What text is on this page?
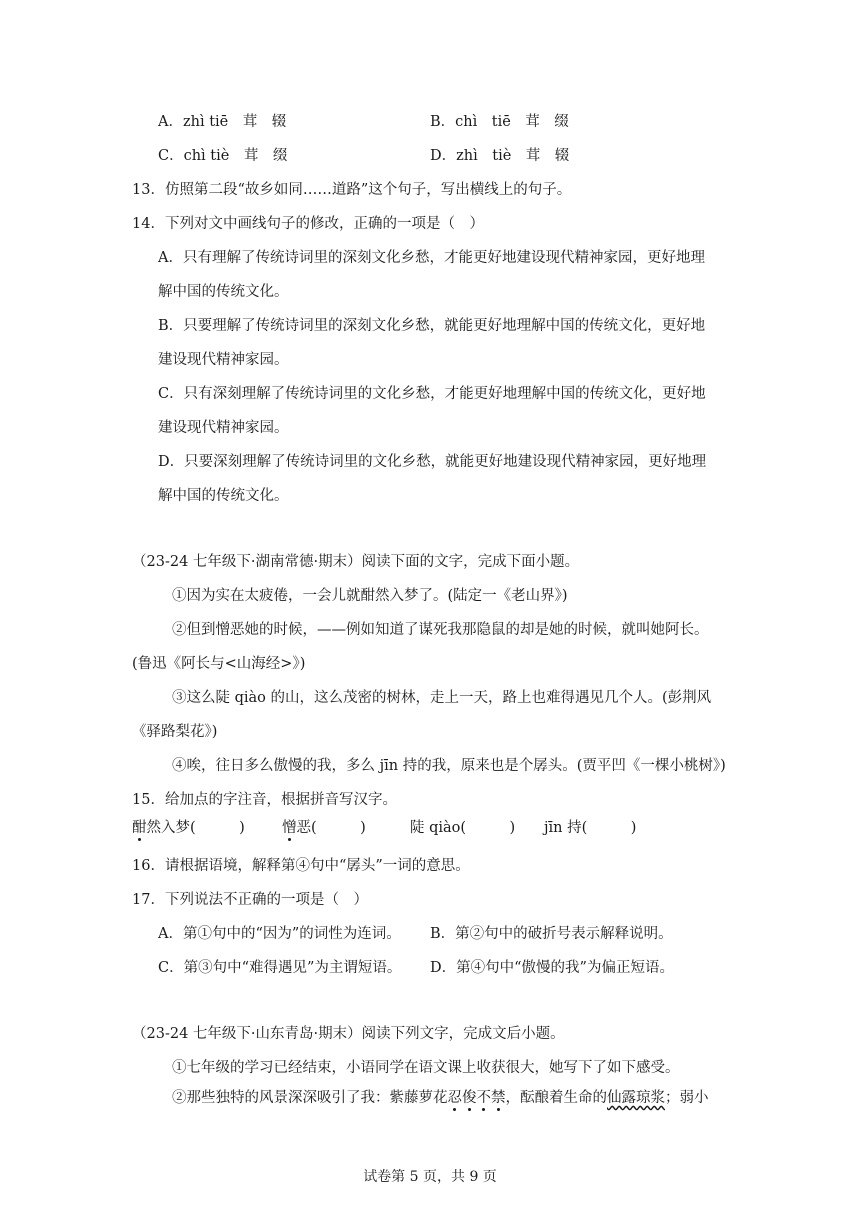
A．zhì tiē　茸　辍	B．chì　tiē　茸　缀
C．chì tiè　茸　缀	D．zhì　tiè　茸　辍
13．仿照第二段“故乡如同……道路”这个句子，写出横线上的句子。
14．下列对文中画线句子的修改，正确的一项是（　）
A．只有理解了传统诗词里的深刻文化乡愁，才能更好地建设现代精神家园，更好地理
解中国的传统文化。
B．只要理解了传统诗词里的深刻文化乡愁，就能更好地理解中国的传统文化，更好地
建设现代精神家园。
C．只有深刻理解了传统诗词里的文化乡愁，才能更好地理解中国的传统文化，更好地
建设现代精神家园。
D．只要深刻理解了传统诗词里的文化乡愁，就能更好地建设现代精神家园，更好地理
解中国的传统文化。
（23-24 七年级下·湖南常德·期末）阅读下面的文字，完成下面小题。
①因为实在太疲倦，一会儿就酣然入梦了。(陆定一《老山界》)
②但到憎恶她的时候，——例如知道了谋死我那隐鼠的却是她的时候，就叫她阿长。
(鲁迅《阿长与<山海经>》)
③这么陡 qiào 的山，这么茂密的树林，走上一天，路上也难得遇见几个人。(彭荆风
《驿路梨花》)
④唉，往日多么傲慢的我，多么 jīn 持的我，原来也是个孱头。(贾平凹《一棵小桃树》)
15．给加点的字注音，根据拼音写汉字。
酣然入梦(　　　)	憎恶(　　　)	陡 qiào(　　　) jīn 持(　　　)
16．请根据语境，解释第④句中“孱头”一词的意思。
17．下列说法不正确的一项是（　）
A．第①句中的“因为”的词性为连词。 B．第②句中的破折号表示解释说明。
C．第③句中“难得遇见”为主谓短语。 D．第④句中“傲慢的我”为偏正短语。
（23-24 七年级下·山东青岛·期末）阅读下列文字，完成文后小题。
①七年级的学习已经结束，小语同学在语文课上收获很大，她写下了如下感受。
②那些独特的风景深深吸引了我：紫藤萝花忍俊不禁，酝酿着生命的仙露琼浆；弱小
试卷第 5 页，共 9 页
